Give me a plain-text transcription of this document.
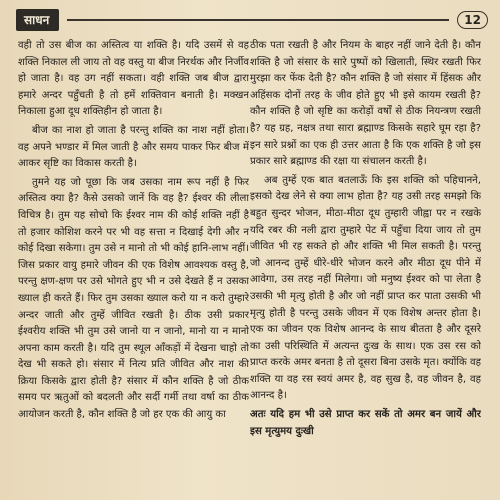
साधन	12

वही तो उस बीज का अस्तित्व या शक्ति है। यदि उसमें से वह शक्ति निकाल ली जाय तो वह वस्तु या बीज निरर्थक और निर्जीव हो जाता है। वह उग नहीं सकता। वही शक्ति जब बीज द्वारा हमारे अन्दर पहुँचती है तो हमें शक्तिवान बनाती है। मक्खन निकाला हुआ दूध शक्तिहीन हो जाता है।

बीज का नाश हो जाता है परन्तु शक्ति का नाश नहीं होता। वह अपने भण्डार में मिल जाती है और समय पाकर फिर बीज में आकर सृष्टि का विकास करती है।

तुमने यह जो पूछा कि जब उसका नाम रूप नहीं है फिर अस्तित्व क्या है? कैसे उसको जानें कि वह है? ईश्वर की लीला विचित्र है। तुम यह सोचो कि ईश्वर नाम की कोई शक्ति नहीं है तो हजार कोशिश करने पर भी वह सत्ता न दिखाई देगी और न कोई दिखा सकेगा। तुम उसे न मानो तो भी कोई हानि-लाभ नहीं। जिस प्रकार वायु हमारे जीवन की एक विशेष आवश्यक वस्तु है, परन्तु क्षण-क्षण पर उसे भोगते हुए भी न उसे देखते हैं न उसका ख्याल ही करते हैं। फिर तुम उसका ख्याल करो या न करो तुम्हारे अन्दर जाती और तुम्हें जीवित रखती है। ठीक उसी प्रकार ईश्वरीय शक्ति भी तुम उसे जानो या न जानो, मानो या न मानो अपना काम करती है। यदि तुम स्थूल आँकड़ों में देखना चाहो तो देख भी सकते हो। संसार में नित्य प्रति जीवित और नाश की क्रिया किसके द्वारा होती है? संसार में कौन शक्ति है जो ठीक समय पर ऋतुओं को बदलती और सर्दी गर्मी तथा वर्षा का ठीक आयोजन करती है, कौन शक्ति है जो हर एक की आयु का

ठीक पता रखती है और नियम के बाहर नहीं जाने देती है। कौन शक्ति है जो संसार के सारे पुष्पों को खिलाती, स्थिर रखती फिर मुरझा कर फेंक देती है? कौन शक्ति है जो संसार में हिंसक और अहिंसक दोनों तरह के जीव होते हुए भी इसे कायम रखती है? कौन शक्ति है जो सृष्टि का करोड़ों वर्षों से ठीक नियन्त्रण रखती है? यह ग्रह, नक्षत्र तथा सारा ब्रह्माण्ड किसके सहारे घूम रहा है? इन सारे प्रश्नों का एक ही उत्तर आता है कि एक शक्ति है जो इस प्रकार सारे ब्रह्माण्ड की रक्षा या संचालन करती है।

अब तुम्हें एक बात बतलाऊँ कि इस शक्ति को पहिचानने, इसको देख लेने से क्या लाभ होता है? यह उसी तरह समझो कि बहुत सुन्दर भोजन, मीठा-मीठा दूध तुम्हारी जीह्वा पर न रखके यदि रबर की नली द्वारा तुम्हारे पेट में पहुँचा दिया जाय तो तुम जीवित भी रह सकते हो और शक्ति भी मिल सकती है। परन्तु जो आनन्द तुम्हें धीरे-धीरे भोजन करने और मीठा दूध पीने में आवेगा, उस तरह नहीं मिलेगा। जो मनुष्य ईश्वर को पा लेता है उसकी भी मृत्यु होती है और जो नहीं प्राप्त कर पाता उसकी भी मृत्यु होती है परन्तु उसके जीवन में एक विशेष अन्तर होता है। एक का जीवन एक विशेष आनन्द के साथ बीतता है और दूसरे का उसी परिस्थिति में अत्यन्त दुःख के साथ। एक उस रस को प्राप्त करके अमर बनता है तो दूसरा बिना उसके मृत। क्योंकि वह शक्ति या वह रस स्वयं अमर है, वह सुख है, वह जीवन है, वह आनन्द है।

अतः यदि हम भी उसे प्राप्त कर सकें तो अमर बन जायें और इस मृत्युमय दुःखी
